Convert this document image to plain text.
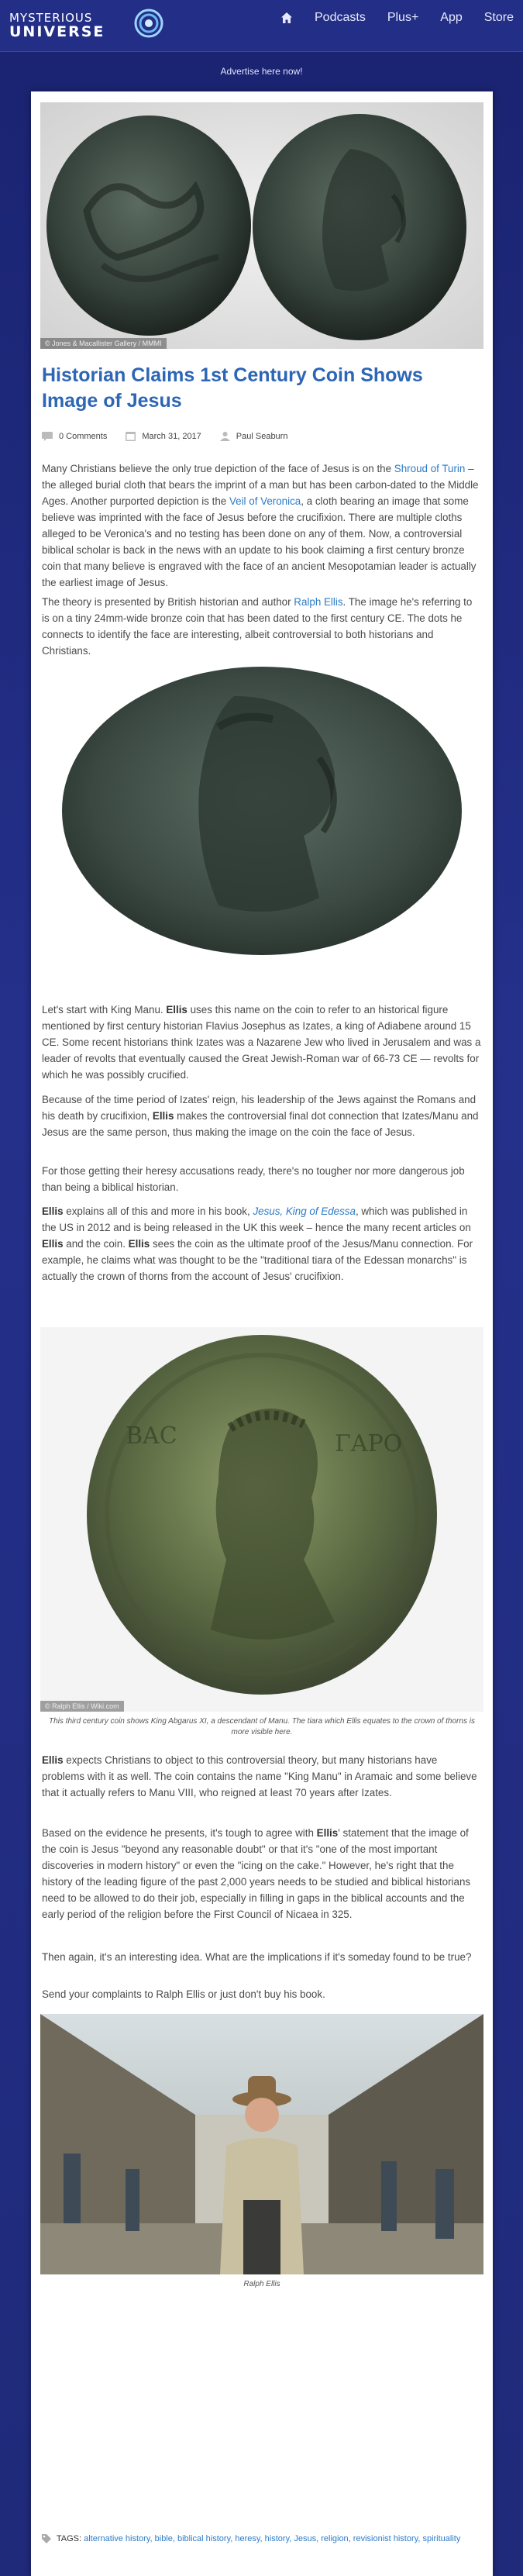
MYSTERIOUS
UNIVERSE
Podcasts Plus+ App Store
Advertise here now!
© Jones & Macallister Gallery / MMMI
Historian Claims 1st Century Coin Shows Image of Jesus
0 Comments	March 31, 2017	Paul Seaburn

Many Christians believe the only true depiction of the face of Jesus is on the Shroud of Turin – the alleged burial cloth that bears the imprint of a man but has been carbon-dated to the Middle Ages. Another purported depiction is the Veil of Veronica, a cloth bearing an image that some believe was imprinted with the face of Jesus before the crucifixion. There are multiple cloths alleged to be Veronica's and no testing has been done on any of them. Now, a controversial biblical scholar is back in the news with an update to his book claiming a first century bronze coin that many believe is engraved with the face of an ancient Mesopotamian leader is actually the earliest image of Jesus.

The theory is presented by British historian and author Ralph Ellis. The image he's referring to is on a tiny 24mm-wide bronze coin that has been dated to the first century CE. The dots he connects to identify the face are interesting, albeit controversial to both historians and Christians.

Let's start with King Manu. Ellis uses this name on the coin to refer to an historical figure mentioned by first century historian Flavius Josephus as Izates, a king of Adiabene around 15 CE. Some recent historians think Izates was a Nazarene Jew who lived in Jerusalem and was a leader of revolts that eventually caused the Great Jewish-Roman war of 66-73 CE — revolts for which he was possibly crucified.

Because of the time period of Izates' reign, his leadership of the Jews against the Romans and his death by crucifixion, Ellis makes the controversial final dot connection that Izates/Manu and Jesus are the same person, thus making the image on the coin the face of Jesus.

For those getting their heresy accusations ready, there's no tougher nor more dangerous job than being a biblical historian.

Ellis explains all of this and more in his book, Jesus, King of Edessa, which was published in the US in 2012 and is being released in the UK this week – hence the many recent articles on Ellis and the coin. Ellis sees the coin as the ultimate proof of the Jesus/Manu connection. For example, he claims what was thought to be the "traditional tiara of the Edessan monarchs" is actually the crown of thorns from the account of Jesus' crucifixion.

BAC	ΓΑΡΟ
© Ralph Ellis / Wiki.com
This third century coin shows King Abgarus XI, a descendant of Manu. The tiara which Ellis equates to the crown of thorns is more visible here.

Ellis expects Christians to object to this controversial theory, but many historians have problems with it as well. The coin contains the name "King Manu" in Aramaic and some believe that it actually refers to Manu VIII, who reigned at least 70 years after Izates.

Based on the evidence he presents, it's tough to agree with Ellis' statement that the image of the coin is Jesus "beyond any reasonable doubt" or that it's "one of the most important discoveries in modern history" or even the "icing on the cake." However, he's right that the history of the leading figure of the past 2,000 years needs to be studied and biblical historians need to be allowed to do their job, especially in filling in gaps in the biblical accounts and the early period of the religion before the First Council of Nicaea in 325.

Then again, it's an interesting idea. What are the implications if it's someday found to be true?

Send your complaints to Ralph Ellis or just don't buy his book.

Ralph Ellis
TAGS: alternative history, bible, biblical history, heresy, history, Jesus, religion, revisionist history, spirituality
